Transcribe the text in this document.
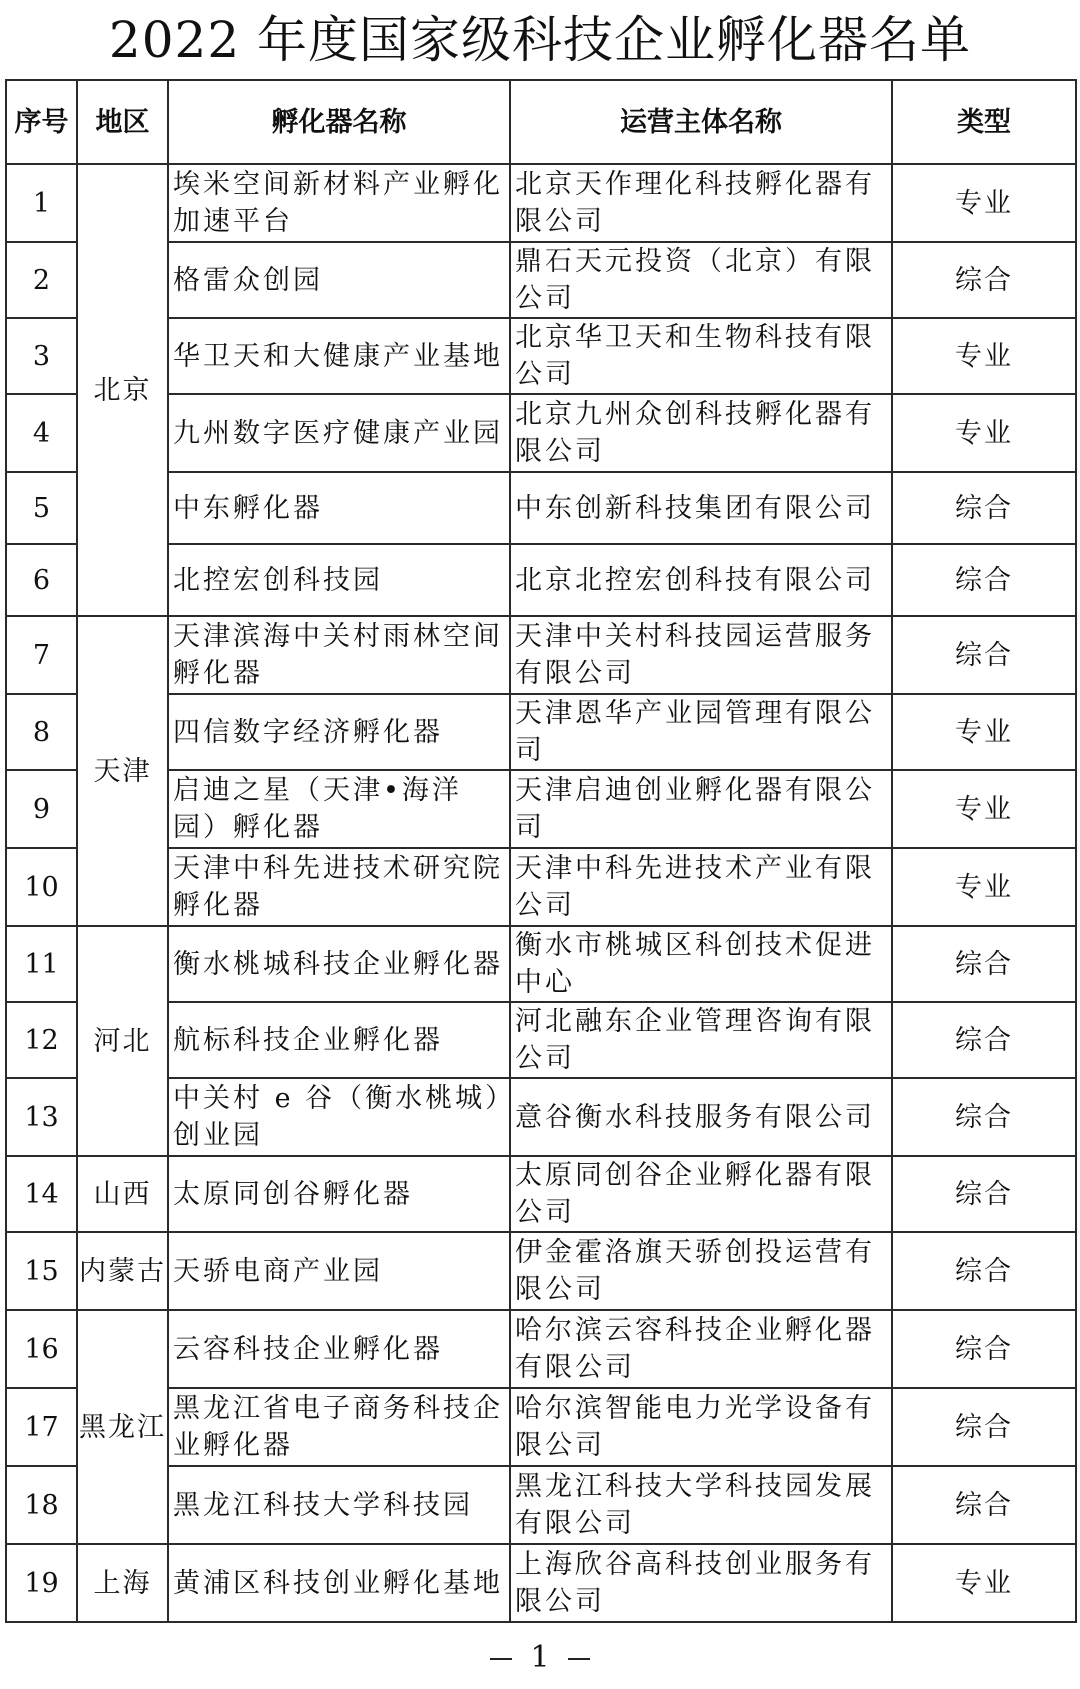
2022 年度国家级科技企业孵化器名单
序号	地区	孵化器名称	运营主体名称	类型
1	北京	埃米空间新材料产业孵化加速平台	北京天作理化科技孵化器有限公司	专业
2		格雷众创园	鼎石天元投资（北京）有限公司	综合
3		华卫天和大健康产业基地	北京华卫天和生物科技有限公司	专业
4		九州数字医疗健康产业园	北京九州众创科技孵化器有限公司	专业
5		中东孵化器	中东创新科技集团有限公司	综合
6		北控宏创科技园	北京北控宏创科技有限公司	综合
7	天津	天津滨海中关村雨林空间孵化器	天津中关村科技园运营服务有限公司	综合
8		四信数字经济孵化器	天津恩华产业园管理有限公司	专业
9		启迪之星（天津•海洋园）孵化器	天津启迪创业孵化器有限公司	专业
10		天津中科先进技术研究院孵化器	天津中科先进技术产业有限公司	专业
11	河北	衡水桃城科技企业孵化器	衡水市桃城区科创技术促进中心	综合
12		航标科技企业孵化器	河北融东企业管理咨询有限公司	综合
13		中关村 e 谷（衡水桃城）创业园	意谷衡水科技服务有限公司	综合
14	山西	太原同创谷孵化器	太原同创谷企业孵化器有限公司	综合
15	内蒙古	天骄电商产业园	伊金霍洛旗天骄创投运营有限公司	综合
16	黑龙江	云容科技企业孵化器	哈尔滨云容科技企业孵化器有限公司	综合
17		黑龙江省电子商务科技企业孵化器	哈尔滨智能电力光学设备有限公司	综合
18		黑龙江科技大学科技园	黑龙江科技大学科技园发展有限公司	综合
19	上海	黄浦区科技创业孵化基地	上海欣谷高科技创业服务有限公司	专业
1
